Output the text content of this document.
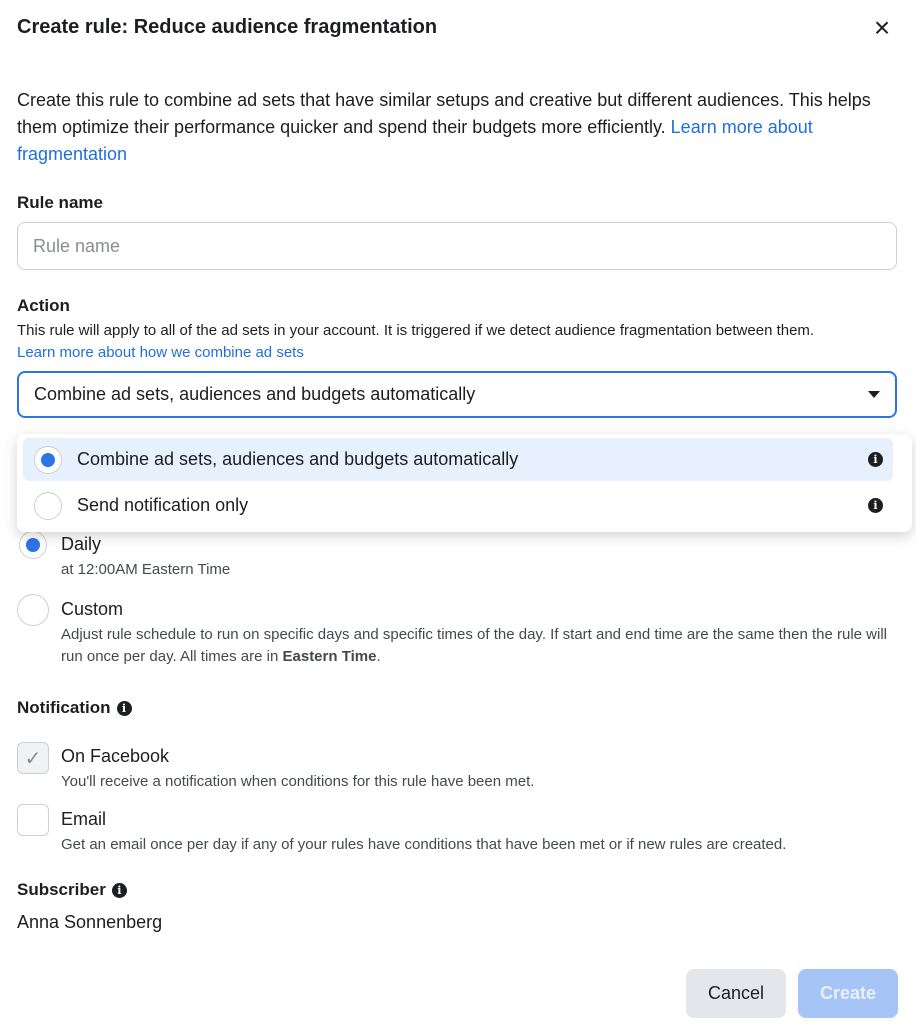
Create rule: Reduce audience fragmentation	×
Create this rule to combine ad sets that have similar setups and creative but different audiences. This helps them optimize their performance quicker and spend their budgets more efficiently. Learn more about fragmentation
Rule name
Rule name
Action
This rule will apply to all of the ad sets in your account. It is triggered if we detect audience fragmentation between them.
Learn more about how we combine ad sets
Combine ad sets, audiences and budgets automatically
Combine ad sets, audiences and budgets automatically	i
Send notification only	i
Daily
at 12:00AM Eastern Time
Custom
Adjust rule schedule to run on specific days and specific times of the day. If start and end time are the same then the rule will run once per day. All times are in Eastern Time.
Notification	i
✓ On Facebook
You'll receive a notification when conditions for this rule have been met.
Email
Get an email once per day if any of your rules have conditions that have been met or if new rules are created.
Subscriber	i
Anna Sonnenberg
Cancel	Create
